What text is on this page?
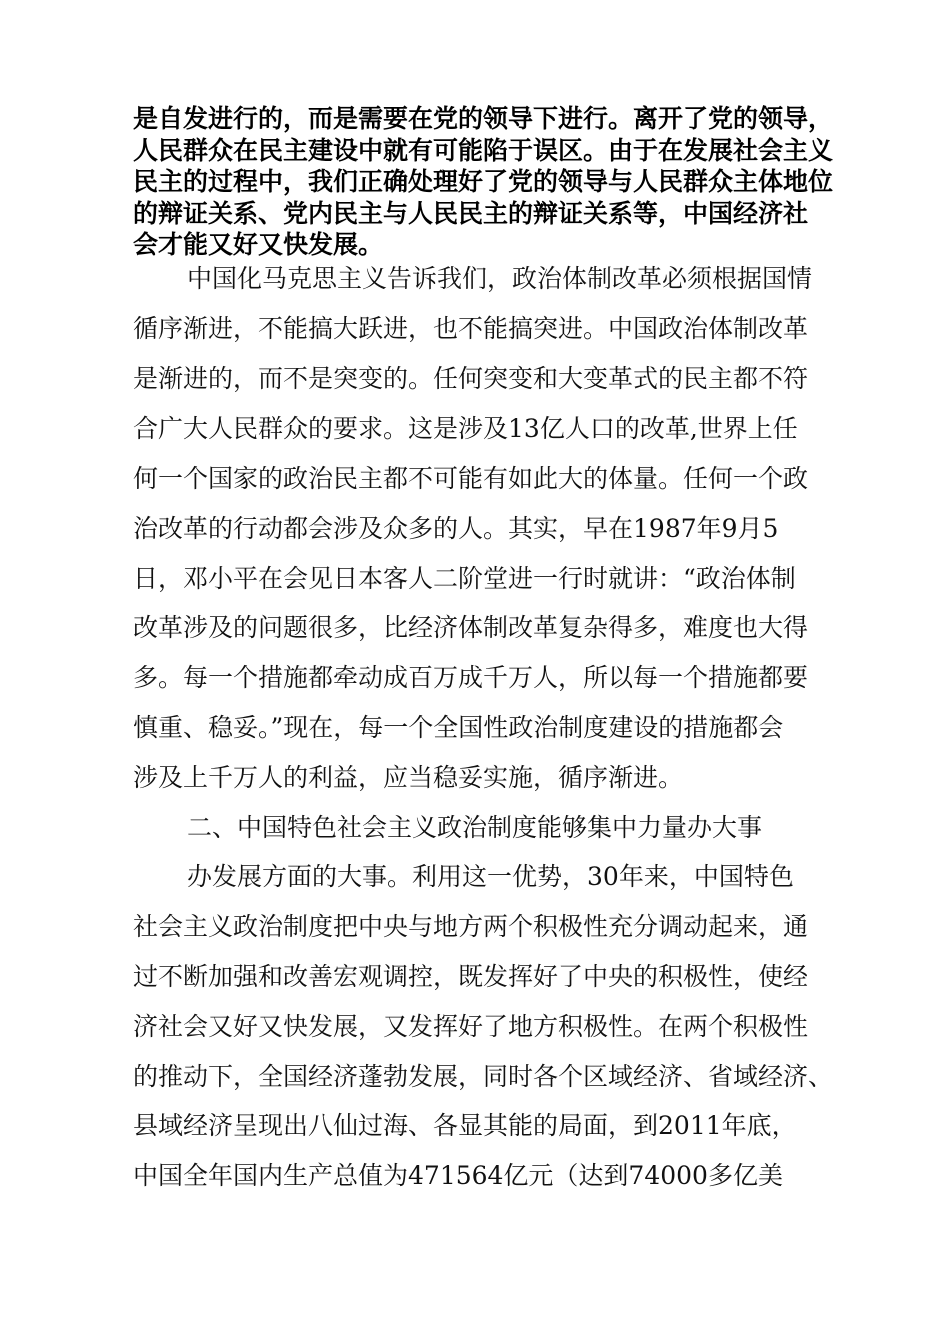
是自发进行的，而是需要在党的领导下进行。离开了党的领导，
人民群众在民主建设中就有可能陷于误区。由于在发展社会主义
民主的过程中，我们正确处理好了党的领导与人民群众主体地位
的辩证关系、党内民主与人民民主的辩证关系等，中国经济社
会才能又好又快发展。
中国化马克思主义告诉我们，政治体制改革必须根据国情
循序渐进，不能搞大跃进，也不能搞突进。中国政治体制改革
是渐进的，而不是突变的。任何突变和大变革式的民主都不符
合广大人民群众的要求。这是涉及13亿人口的改革,世界上任
何一个国家的政治民主都不可能有如此大的体量。任何一个政
治改革的行动都会涉及众多的人。其实，早在1987年9月5
日，邓小平在会见日本客人二阶堂进一行时就讲：“政治体制
改革涉及的问题很多，比经济体制改革复杂得多，难度也大得
多。每一个措施都牵动成百万成千万人，所以每一个措施都要
慎重、稳妥。”现在，每一个全国性政治制度建设的措施都会
涉及上千万人的利益，应当稳妥实施，循序渐进。
二、中国特色社会主义政治制度能够集中力量办大事
办发展方面的大事。利用这一优势，30年来，中国特色
社会主义政治制度把中央与地方两个积极性充分调动起来，通
过不断加强和改善宏观调控，既发挥好了中央的积极性，使经
济社会又好又快发展，又发挥好了地方积极性。在两个积极性
的推动下，全国经济蓬勃发展，同时各个区域经济、省域经济、
县域经济呈现出八仙过海、各显其能的局面，到2011年底，
中国全年国内生产总值为471564亿元（达到74000多亿美
